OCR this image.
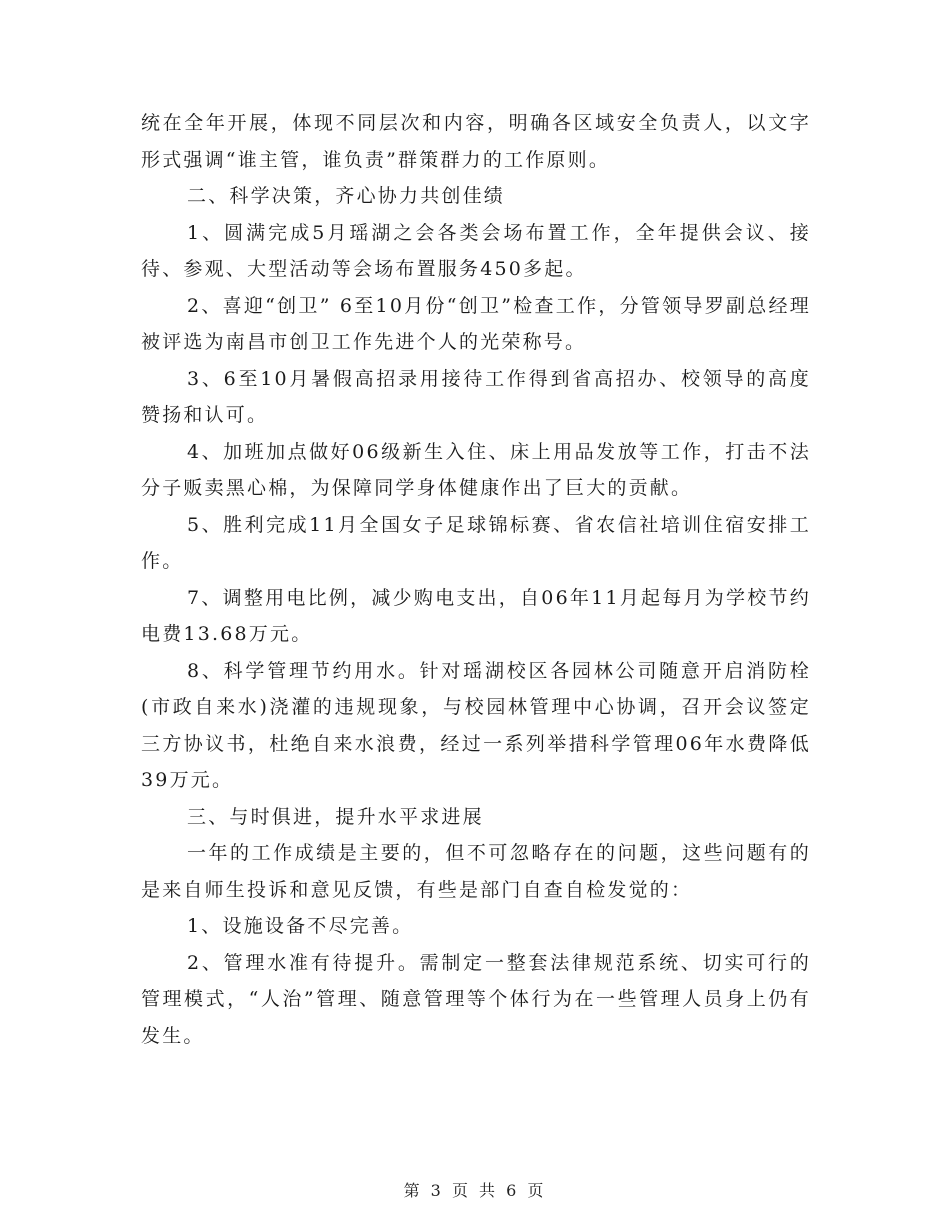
统在全年开展，体现不同层次和内容，明确各区域安全负责人，以文字形式强调“谁主管，谁负责”群策群力的工作原则。

二、科学决策，齐心协力共创佳绩

1、圆满完成5月瑶湖之会各类会场布置工作，全年提供会议、接待、参观、大型活动等会场布置服务450多起。

2、喜迎“创卫” 6至10月份“创卫”检查工作，分管领导罗副总经理被评选为南昌市创卫工作先进个人的光荣称号。

3、6至10月暑假高招录用接待工作得到省高招办、校领导的高度赞扬和认可。

4、加班加点做好06级新生入住、床上用品发放等工作，打击不法分子贩卖黑心棉，为保障同学身体健康作出了巨大的贡献。

5、胜利完成11月全国女子足球锦标赛、省农信社培训住宿安排工作。

7、调整用电比例，减少购电支出，自06年11月起每月为学校节约电费13.68万元。

8、科学管理节约用水。针对瑶湖校区各园林公司随意开启消防栓(市政自来水)浇灌的违规现象，与校园林管理中心协调，召开会议签定三方协议书，杜绝自来水浪费，经过一系列举措科学管理06年水费降低39万元。

三、与时俱进，提升水平求进展

一年的工作成绩是主要的，但不可忽略存在的问题，这些问题有的是来自师生投诉和意见反馈，有些是部门自查自检发觉的：

1、设施设备不尽完善。

2、管理水准有待提升。需制定一整套法律规范系统、切实可行的管理模式，“人治”管理、随意管理等个体行为在一些管理人员身上仍有发生。

第 3 页 共 6 页
